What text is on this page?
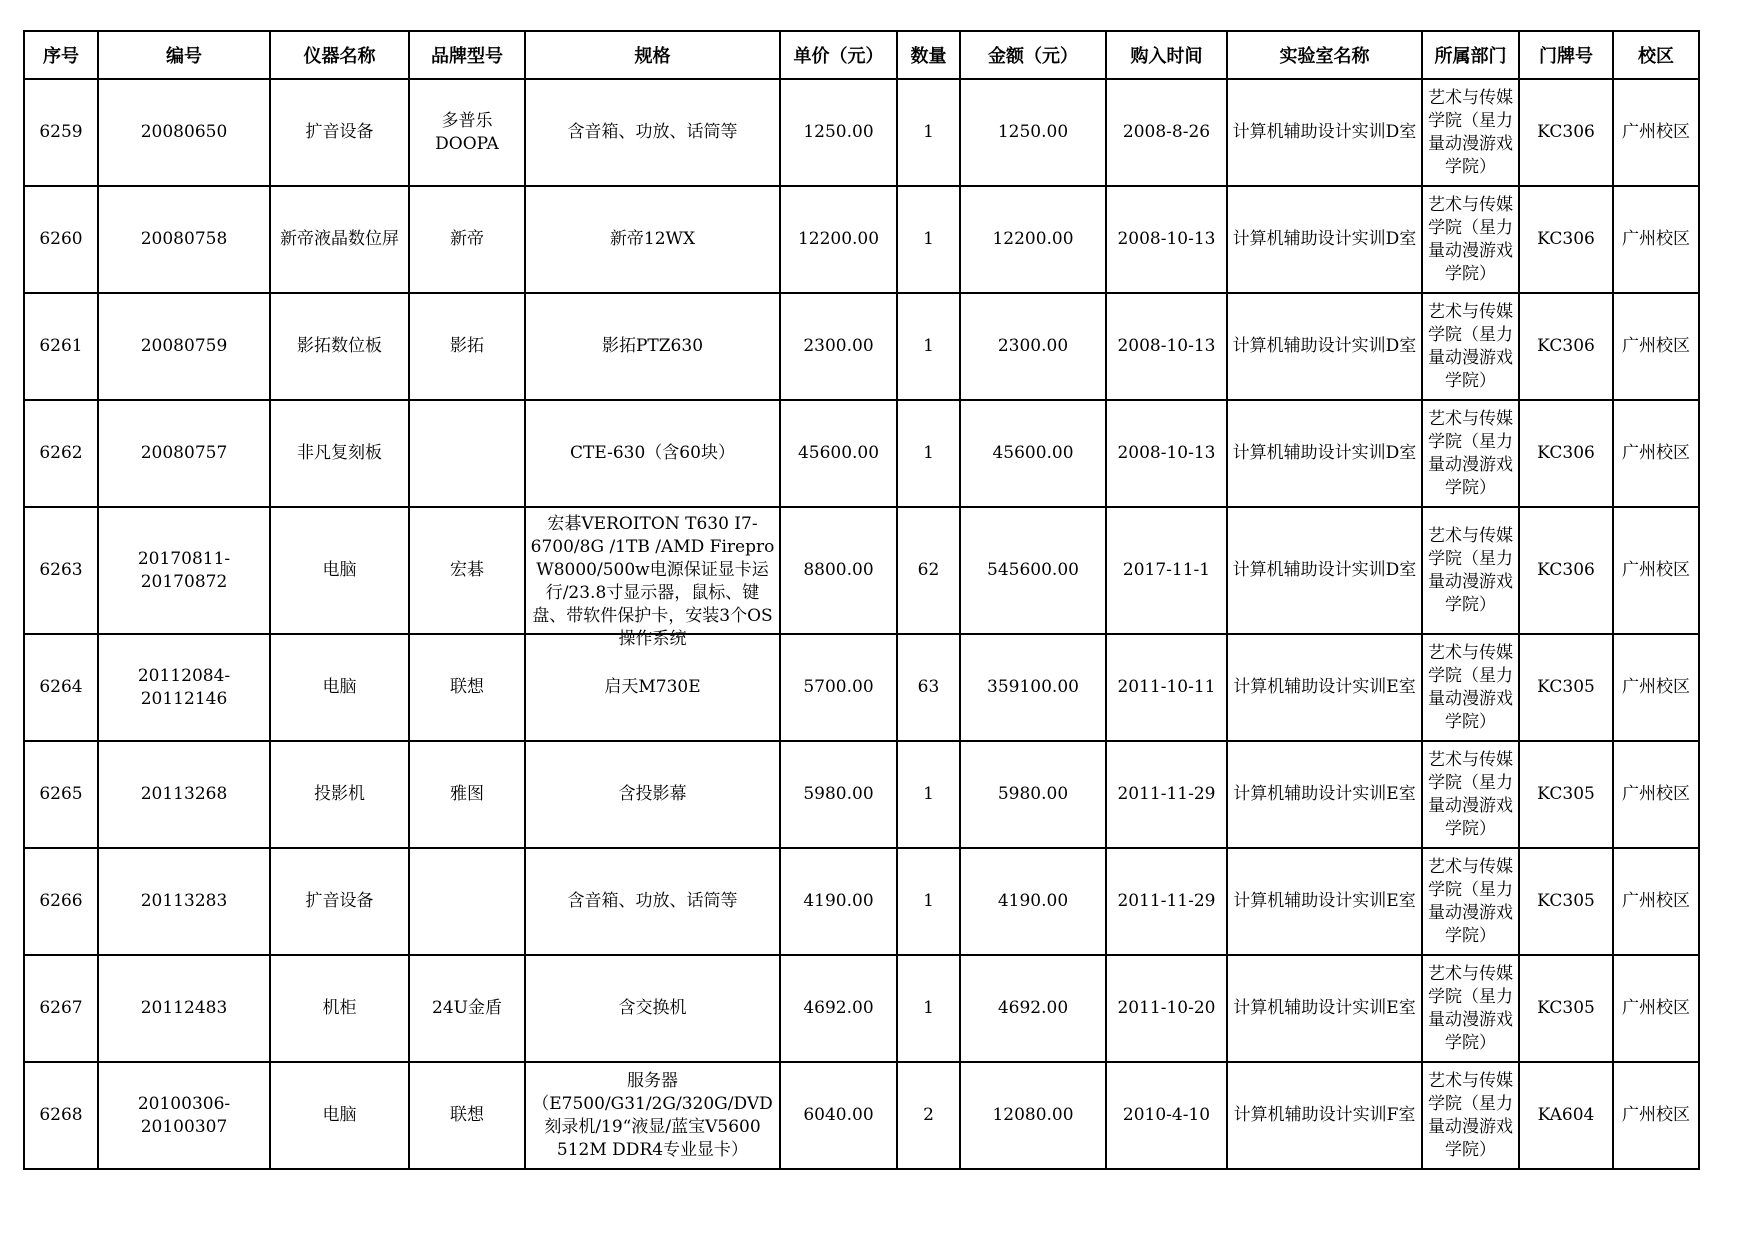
序号	编号	仪器名称	品牌型号	规格	单价（元）	数量	金额（元）	购入时间	实验室名称	所属部门	门牌号	校区

6259	20080650	扩音设备	多普乐DOOPA	含音箱、功放、话筒等	1250.00	1	1250.00	2008-8-26	计算机辅助设计实训D室	艺术与传媒学院（星力量动漫游戏学院）	KC306	广州校区

6260	20080758	新帝液晶数位屏	新帝	新帝12WX	12200.00	1	12200.00	2008-10-13	计算机辅助设计实训D室	艺术与传媒学院（星力量动漫游戏学院）	KC306	广州校区

6261	20080759	影拓数位板	影拓	影拓PTZ630	2300.00	1	2300.00	2008-10-13	计算机辅助设计实训D室	艺术与传媒学院（星力量动漫游戏学院）	KC306	广州校区

6262	20080757	非凡复刻板		CTE-630（含60块）	45600.00	1	45600.00	2008-10-13	计算机辅助设计实训D室	艺术与传媒学院（星力量动漫游戏学院）	KC306	广州校区

6263	20170811-20170872	电脑	宏碁	宏碁VEROITON T630 I7-6700/8G /1TB /AMD Firepro W8000/500w电源保证显卡运行/23.8寸显示器，鼠标、键盘、带软件保护卡，安装3个OS操作系统	8800.00	62	545600.00	2017-11-1	计算机辅助设计实训D室	艺术与传媒学院（星力量动漫游戏学院）	KC306	广州校区

6264	20112084-20112146	电脑	联想	启天M730E	5700.00	63	359100.00	2011-10-11	计算机辅助设计实训E室	艺术与传媒学院（星力量动漫游戏学院）	KC305	广州校区

6265	20113268	投影机	雅图	含投影幕	5980.00	1	5980.00	2011-11-29	计算机辅助设计实训E室	艺术与传媒学院（星力量动漫游戏学院）	KC305	广州校区

6266	20113283	扩音设备		含音箱、功放、话筒等	4190.00	1	4190.00	2011-11-29	计算机辅助设计实训E室	艺术与传媒学院（星力量动漫游戏学院）	KC305	广州校区

6267	20112483	机柜	24U金盾	含交换机	4692.00	1	4692.00	2011-10-20	计算机辅助设计实训E室	艺术与传媒学院（星力量动漫游戏学院）	KC305	广州校区

6268	20100306-20100307	电脑	联想	服务器（E7500/G31/2G/320G/DVD刻录机/19“液显/蓝宝V5600 512M DDR4专业显卡）	6040.00	2	12080.00	2010-4-10	计算机辅助设计实训F室	艺术与传媒学院（星力量动漫游戏学院）	KA604	广州校区
